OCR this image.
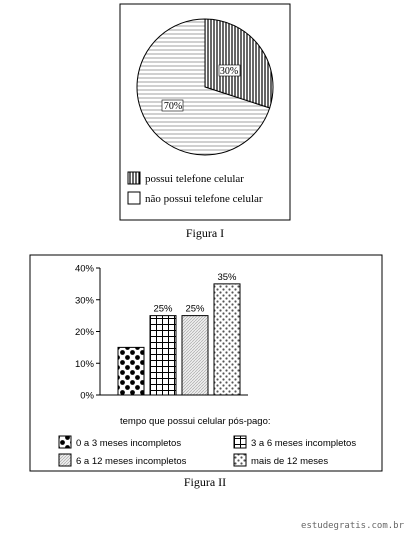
30%
70%
possui telefone celular
não possui telefone celular
Figura I
0%
10%
20%
30%
40%
25% 25%
35%
tempo que possui celular pós-pago:
0 a 3 meses incompletos	3 a 6 meses incompletos
6 a 12 meses incompletos	mais de 12 meses
Figura II
estudegratis.com.br
